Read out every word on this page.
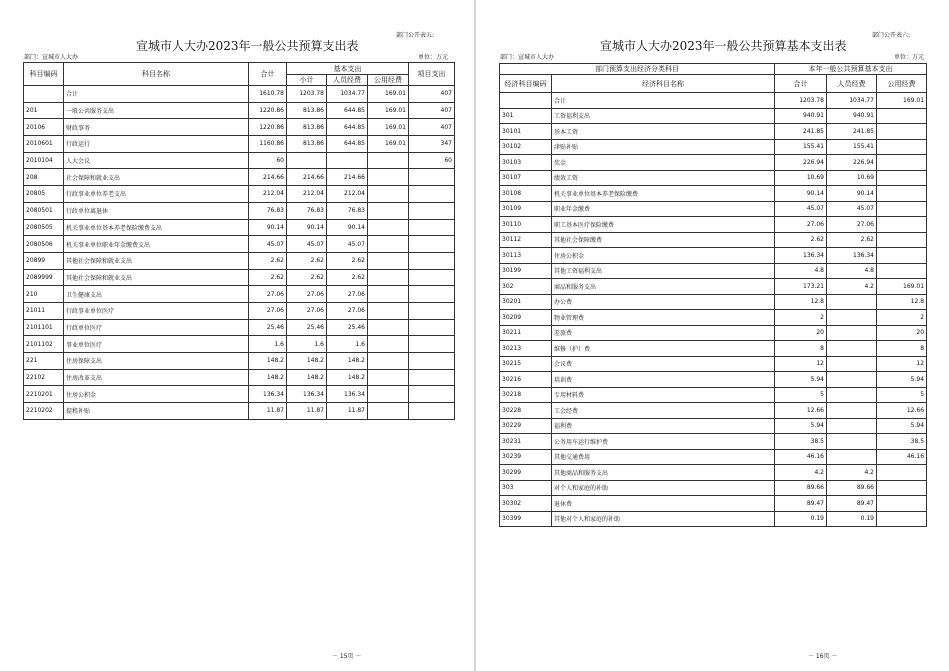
部门公开表五:
宣城市人大办2023年一般公共预算支出表
部门：宣城市人大办	单位：万元
科目编码	科目名称	合计	基本支出			项目支出
			小计	人员经费	公用经费	
	合计	1610.78	1203.78	1034.77	169.01	407
201	一般公共服务支出	1220.86	813.86	644.85	169.01	407
20106	财政事务	1220.86	813.86	644.85	169.01	407
2010601	行政运行	1160.86	813.86	644.85	169.01	347
2010104	人大会议	60				60
208	社会保障和就业支出	214.66	214.66	214.66		
20805	行政事业单位养老支出	212.04	212.04	212.04		
2080501	行政单位离退休	76.83	76.83	76.83		
2080505	机关事业单位基本养老保险缴费支出	90.14	90.14	90.14		
2080506	机关事业单位职业年金缴费支出	45.07	45.07	45.07		
20899	其他社会保障和就业支出	2.62	2.62	2.62		
2089999	其他社会保障和就业支出	2.62	2.62	2.62		
210	卫生健康支出	27.06	27.06	27.06		
21011	行政事业单位医疗	27.06	27.06	27.06		
2101101	行政单位医疗	25.46	25.46	25.46		
2101102	事业单位医疗	1.6	1.6	1.6		
221	住房保障支出	148.2	148.2	148.2		
22102	住房改革支出	148.2	148.2	148.2		
2210201	住房公积金	136.34	136.34	136.34		
2210202	提租补贴	11.87	11.87	11.87		
－ 15页 －
部门公开表六:
宣城市人大办2023年一般公共预算基本支出表
部门：宣城市人大办	单位：万元
部门预算支出经济分类科目		本年一般公共预算基本支出		
经济科目编码	经济科目名称	合计	人员经费	公用经费
	合计	1203.78	1034.77	169.01
301	工资福利支出	940.91	940.91	
30101	基本工资	241.85	241.85	
30102	津贴补贴	155.41	155.41	
30103	奖金	226.94	226.94	
30107	绩效工资	10.69	10.69	
30108	机关事业单位基本养老保险缴费	90.14	90.14	
30109	职业年金缴费	45.07	45.07	
30110	职工基本医疗保险缴费	27.06	27.06	
30112	其他社会保障缴费	2.62	2.62	
30113	住房公积金	136.34	136.34	
30199	其他工资福利支出	4.8	4.8	
302	商品和服务支出	173.21	4.2	169.01
30201	办公费	12.8		12.8
30209	物业管理费	2		2
30211	差旅费	20		20
30213	维修（护）费	8		8
30215	会议费	12		12
30216	培训费	5.94		5.94
30218	专用材料费	5		5
30228	工会经费	12.66		12.66
30229	福利费	5.94		5.94
30231	公务用车运行维护费	38.5		38.5
30239	其他交通费用	46.16		46.16
30299	其他商品和服务支出	4.2	4.2	
303	对个人和家庭的补助	89.66	89.66	
30302	退休费	89.47	89.47	
30399	其他对个人和家庭的补助	0.19	0.19	
－ 16页 －
